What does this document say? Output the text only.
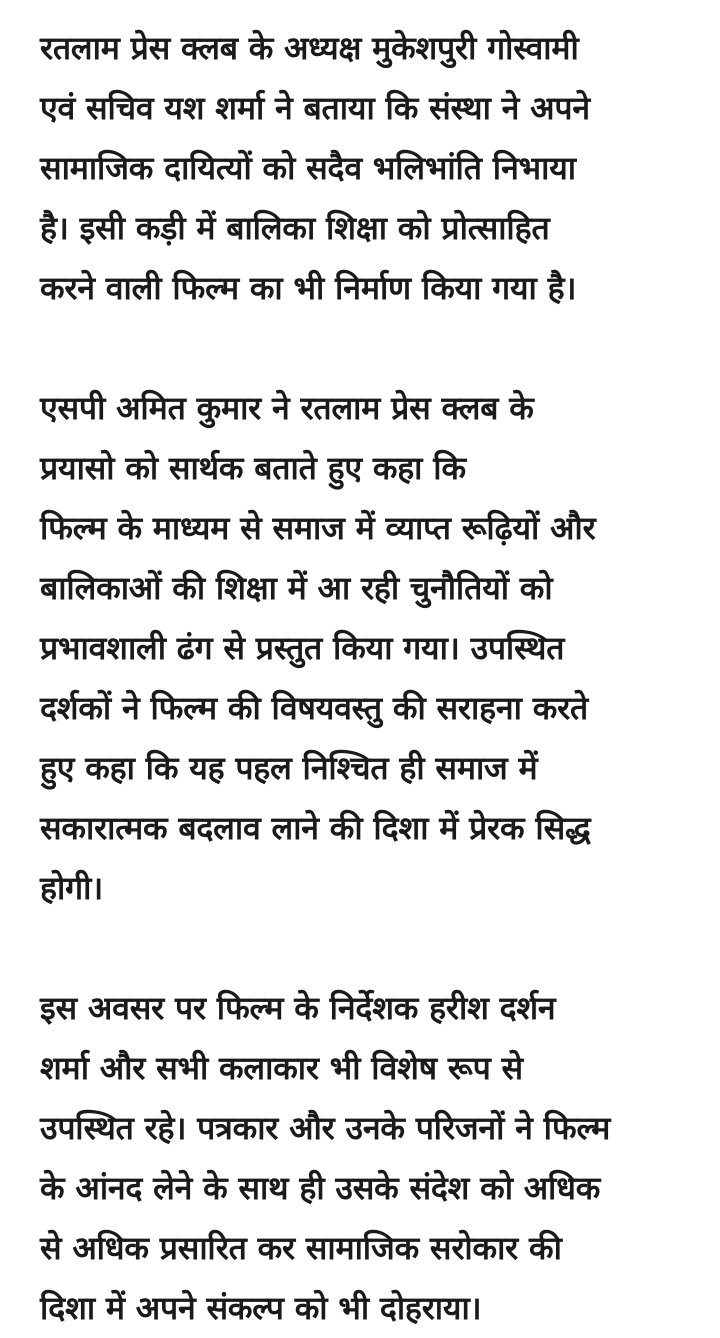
रतलाम प्रेस क्लब के अध्यक्ष मुकेशपुरी गोस्वामी
एवं सचिव यश शर्मा ने बताया कि संस्था ने अपने
सामाजिक दायित्यों को सदैव भलिभांति निभाया
है। इसी कड़ी में बालिका शिक्षा को प्रोत्साहित
करने वाली फिल्म का भी निर्माण किया गया है।

एसपी अमित कुमार ने रतलाम प्रेस क्लब के
प्रयासो को सार्थक बताते हुए कहा कि
फिल्म के माध्यम से समाज में व्याप्त रूढ़ियों और
बालिकाओं की शिक्षा में आ रही चुनौतियों को
प्रभावशाली ढंग से प्रस्तुत किया गया। उपस्थित
दर्शकों ने फिल्म की विषयवस्तु की सराहना करते
हुए कहा कि यह पहल निश्चित ही समाज में
सकारात्मक बदलाव लाने की दिशा में प्रेरक सिद्ध
होगी।

इस अवसर पर फिल्म के निर्देशक हरीश दर्शन
शर्मा और सभी कलाकार भी विशेष रूप से
उपस्थित रहे। पत्रकार और उनके परिजनों ने फिल्म
के आंनद लेने के साथ ही उसके संदेश को अधिक
से अधिक प्रसारित कर सामाजिक सरोकार की
दिशा में अपने संकल्प को भी दोहराया।
